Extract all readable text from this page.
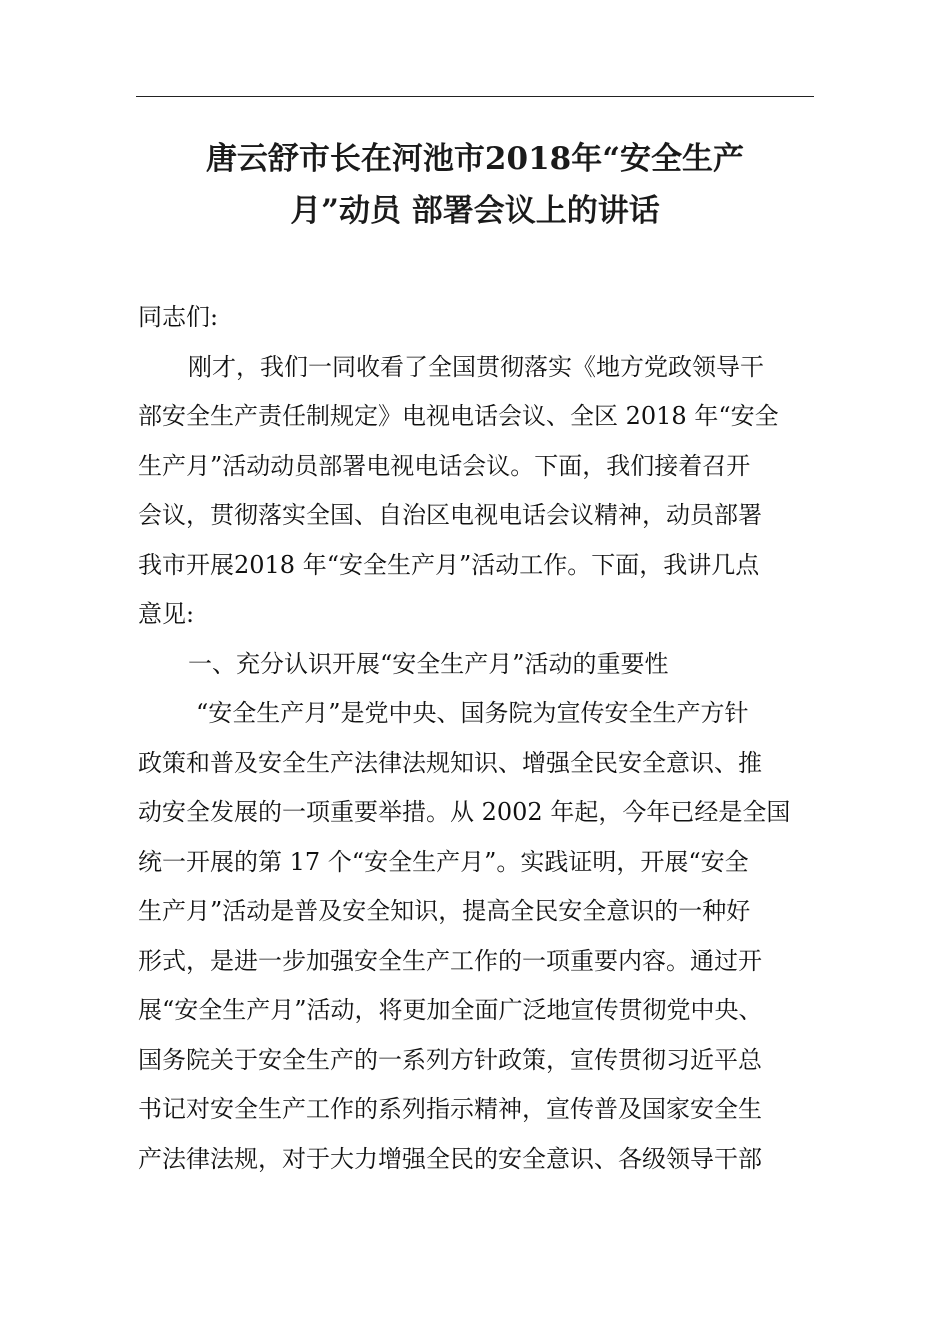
唐云舒市长在河池市2018年“安全生产
月”动员 部署会议上的讲话
同志们:
刚才，我们一同收看了全国贯彻落实《地方党政领导干
部安全生产责任制规定》电视电话会议、全区 2018 年“安全
生产月”活动动员部署电视电话会议。下面，我们接着召开
会议，贯彻落实全国、自治区电视电话会议精神，动员部署
我市开展2018 年“安全生产月”活动工作。下面，我讲几点
意见:
一、充分认识开展“安全生产月”活动的重要性
“安全生产月”是党中央、国务院为宣传安全生产方针
政策和普及安全生产法律法规知识、增强全民安全意识、推
动安全发展的一项重要举措。从 2002 年起，今年已经是全国
统一开展的第 17 个“安全生产月”。实践证明，开展“安全
生产月”活动是普及安全知识，提高全民安全意识的一种好
形式，是进一步加强安全生产工作的一项重要内容。通过开
展“安全生产月”活动，将更加全面广泛地宣传贯彻党中央、
国务院关于安全生产的一系列方针政策，宣传贯彻习近平总
书记对安全生产工作的系列指示精神，宣传普及国家安全生
产法律法规，对于大力增强全民的安全意识、各级领导干部
